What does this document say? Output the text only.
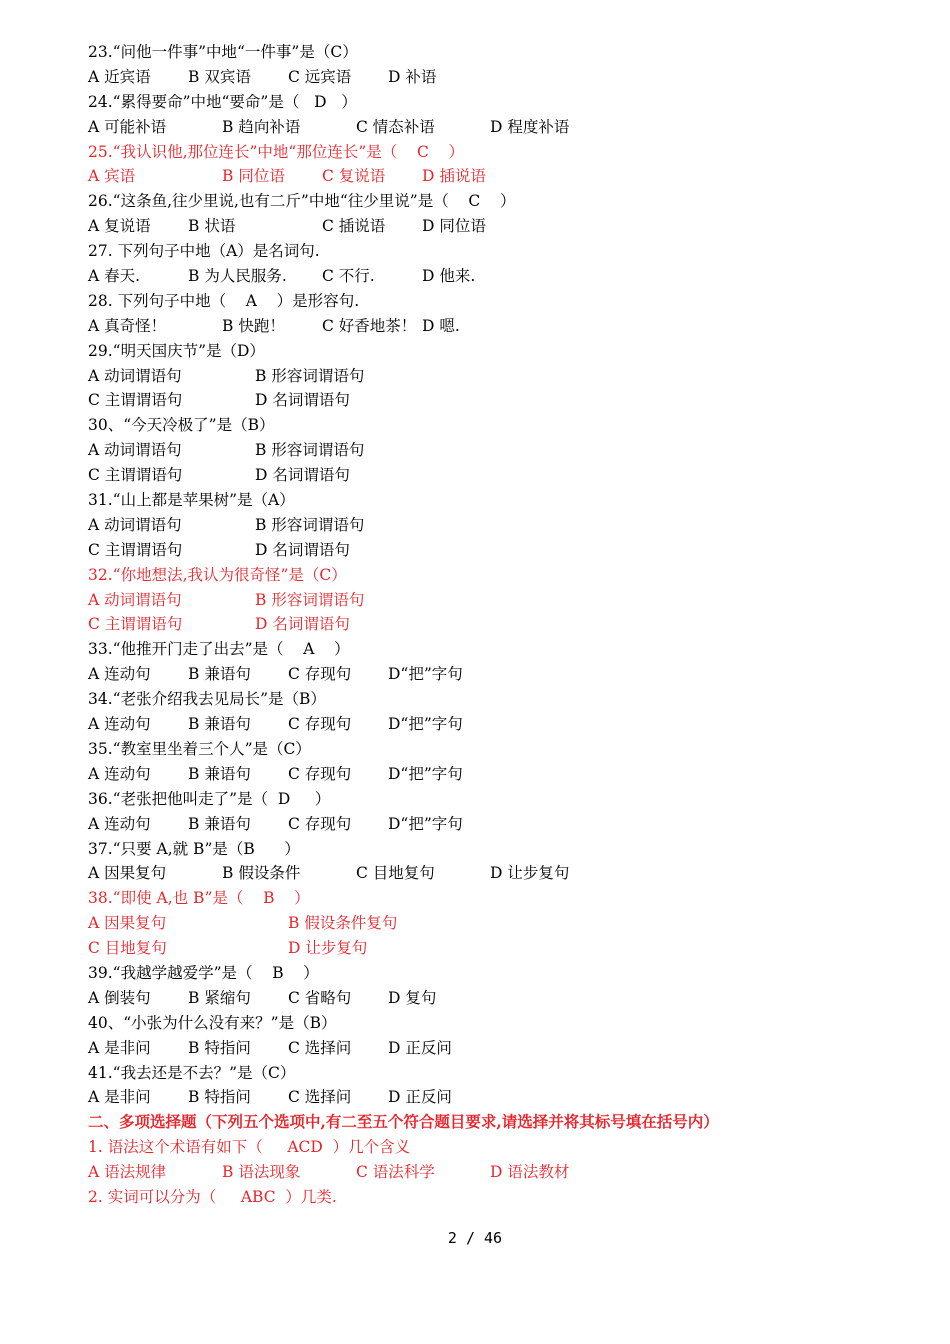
23.“问他一件事”中地“一件事”是（C）
A 近宾语 B 双宾语 C 远宾语 D 补语
24.“累得要命”中地“要命”是（   D   ）
A 可能补语	B 趋向补语	C 情态补语	D 程度补语
25.“我认识他,那位连长”中地“那位连长”是（    C    ）
A 宾语	B 同位语 C 复说语 D 插说语
26.“这条鱼,往少里说,也有二斤”中地“往少里说”是（    C    ）
A 复说语 B 状语	C 插说语 D 同位语
27. 下列句子中地（A）是名词句.
A 春天.	B 为人民服务. C 不行.	D 他来.
28. 下列句子中地（    A    ）是形容句.
A 真奇怪！	B 快跑！ C 好香地茶！ D 嗯.
29.“明天国庆节”是（D）
A 动词谓语句	B 形容词谓语句
C 主谓谓语句	D 名词谓语句
30、“今天冷极了”是（B）
A 动词谓语句	B 形容词谓语句
C 主谓谓语句	D 名词谓语句
31.“山上都是苹果树”是（A）
A 动词谓语句	B 形容词谓语句
C 主谓谓语句	D 名词谓语句
32.“你地想法,我认为很奇怪”是（C）
A 动词谓语句	B 形容词谓语句
C 主谓谓语句	D 名词谓语句
33.“他推开门走了出去”是（    A    ）
A 连动句 B 兼语句 C 存现句 D“把”字句
34.“老张介绍我去见局长”是（B）
A 连动句 B 兼语句 C 存现句 D“把”字句
35.“教室里坐着三个人”是（C）
A 连动句 B 兼语句 C 存现句 D“把”字句
36.“老张把他叫走了”是（  D     ）
A 连动句 B 兼语句 C 存现句 D“把”字句
37.“只要 A,就 B”是（B      ）
A 因果复句	B 假设条件	C 目地复句	D 让步复句
38.“即使 A,也 B”是（    B    ）
A 因果复句	B 假设条件复句
C 目地复句	D 让步复句
39.“我越学越爱学”是（    B    ）
A 倒装句 B 紧缩句 C 省略句 D 复句
40、“小张为什么没有来？”是（B）
A 是非问 B 特指问 C 选择问 D 正反问
41.“我去还是不去？”是（C）
A 是非问 B 特指问 C 选择问 D 正反问
二、多项选择题（下列五个选项中,有二至五个符合题目要求,请选择并将其标号填在括号内）
1. 语法这个术语有如下（     ACD  ）几个含义
A 语法规律	B 语法现象	C 语法科学	D 语法教材
2. 实词可以分为（     ABC  ）几类.
2 / 46
